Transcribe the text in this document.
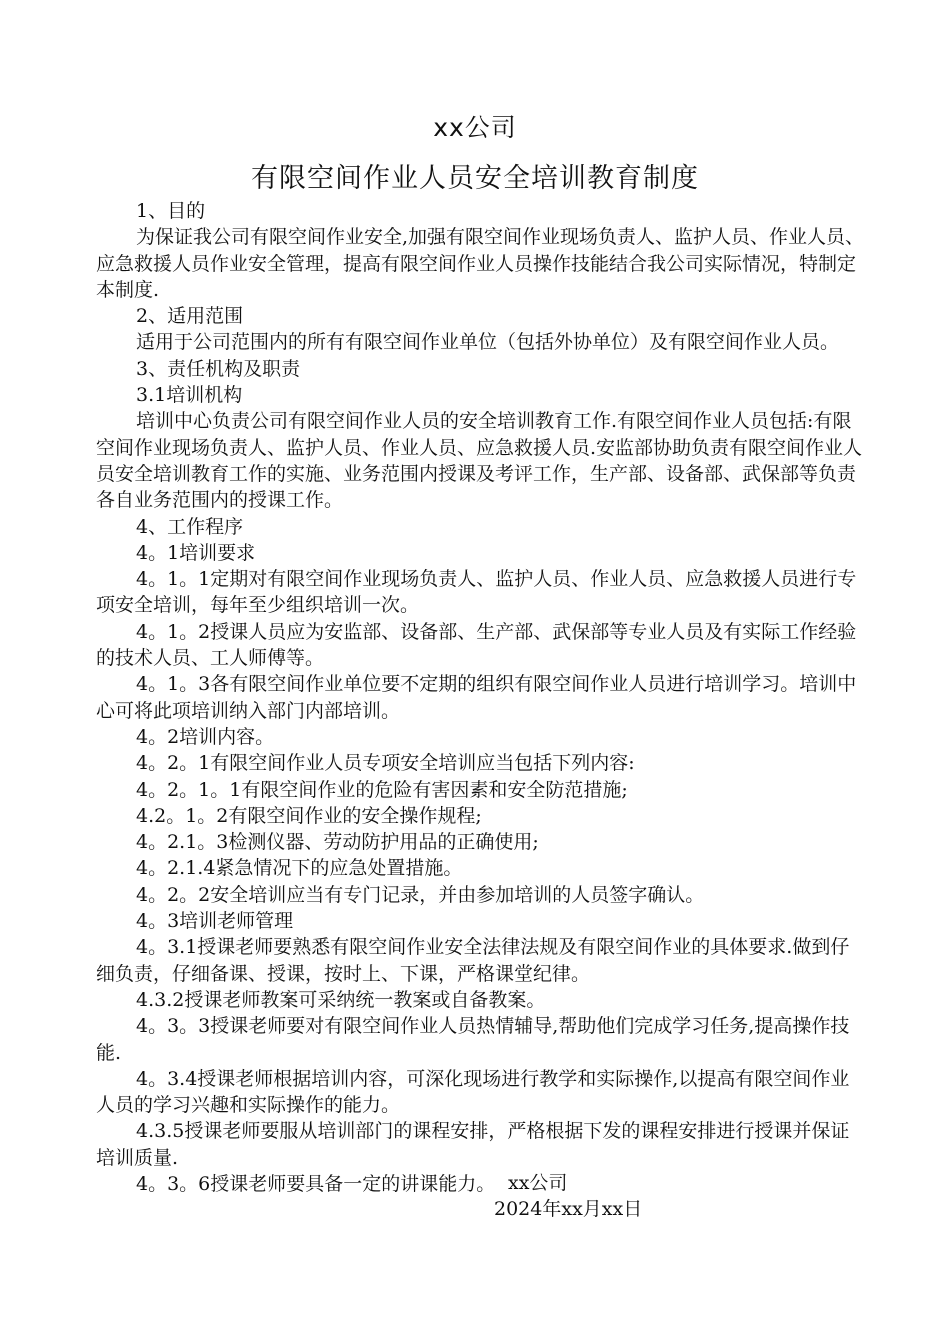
xx公司
有限空间作业人员安全培训教育制度

1、目的

为保证我公司有限空间作业安全,加强有限空间作业现场负责人、监护人员、作业人员、应急救援人员作业安全管理，提高有限空间作业人员操作技能结合我公司实际情况，特制定本制度.

2、适用范围

适用于公司范围内的所有有限空间作业单位（包括外协单位）及有限空间作业人员。

3、责任机构及职责

3.1培训机构

培训中心负责公司有限空间作业人员的安全培训教育工作.有限空间作业人员包括:有限空间作业现场负责人、监护人员、作业人员、应急救援人员.安监部协助负责有限空间作业人员安全培训教育工作的实施、业务范围内授课及考评工作，生产部、设备部、武保部等负责各自业务范围内的授课工作。

4、工作程序

4。1培训要求

4。1。1定期对有限空间作业现场负责人、监护人员、作业人员、应急救援人员进行专项安全培训，每年至少组织培训一次。

4。1。2授课人员应为安监部、设备部、生产部、武保部等专业人员及有实际工作经验的技术人员、工人师傅等。

4。1。3各有限空间作业单位要不定期的组织有限空间作业人员进行培训学习。培训中心可将此项培训纳入部门内部培训。

4。2培训内容。

4。2。1有限空间作业人员专项安全培训应当包括下列内容:

4。2。1。1有限空间作业的危险有害因素和安全防范措施;

4.2。1。2有限空间作业的安全操作规程;

4。2.1。3检测仪器、劳动防护用品的正确使用;

4。2.1.4紧急情况下的应急处置措施。

4。2。2安全培训应当有专门记录，并由参加培训的人员签字确认。

4。3培训老师管理

4。3.1授课老师要熟悉有限空间作业安全法律法规及有限空间作业的具体要求.做到仔细负责，仔细备课、授课，按时上、下课，严格课堂纪律。

4.3.2授课老师教案可采纳统一教案或自备教案。

4。3。3授课老师要对有限空间作业人员热情辅导,帮助他们完成学习任务,提高操作技能.

4。3.4授课老师根据培训内容，可深化现场进行教学和实际操作,以提高有限空间作业人员的学习兴趣和实际操作的能力。

4.3.5授课老师要服从培训部门的课程安排，严格根据下发的课程安排进行授课并保证培训质量.

4。3。6授课老师要具备一定的讲课能力。 xx公司
2024年xx月xx日
